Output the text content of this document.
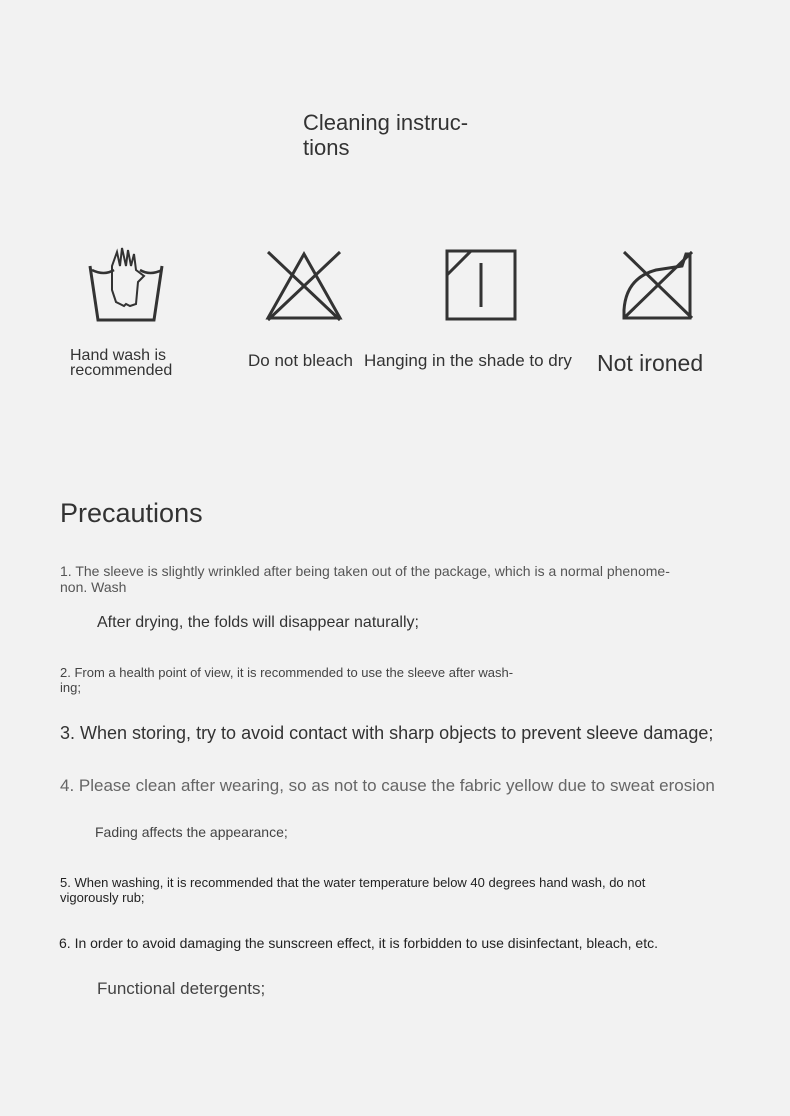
Cleaning instruc-
tions
Hand wash is
recommended
Do not bleach Hanging in the shade to dry Not ironed
Precautions
1. The sleeve is slightly wrinkled after being taken out of the package, which is a normal phenome-
non. Wash
After drying, the folds will disappear naturally;
2. From a health point of view, it is recommended to use the sleeve after wash-
ing;
3. When storing, try to avoid contact with sharp objects to prevent sleeve damage;
4. Please clean after wearing, so as not to cause the fabric yellow due to sweat erosion
Fading affects the appearance;
5. When washing, it is recommended that the water temperature below 40 degrees hand wash, do not
vigorously rub;
6. In order to avoid damaging the sunscreen effect, it is forbidden to use disinfectant, bleach, etc.
Functional detergents;
